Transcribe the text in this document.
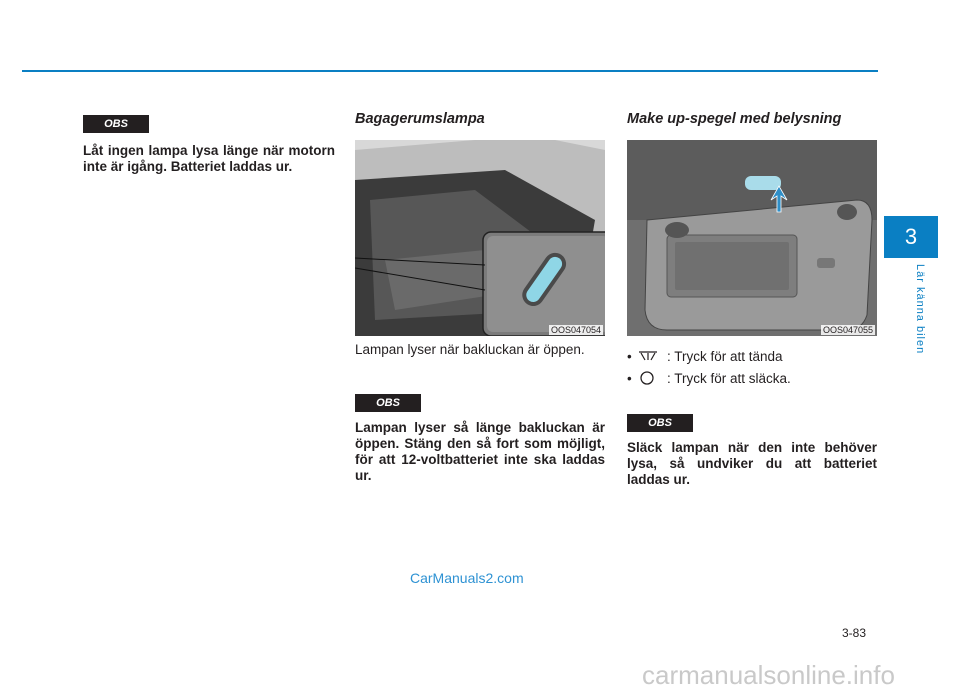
3
Lär känna bilen
OBS
Låt ingen lampa lysa länge när motorn inte är igång. Batteriet laddas ur.
Bagagerumslampa
OOS047054
Lampan lyser när bakluckan är öppen.
OBS
Lampan lyser så länge bakluckan är öppen. Stäng den så fort som möjligt, för att 12-voltbatteriet inte ska laddas ur.
Make up-spegel med belysning
OOS047055
•	: Tryck för att tända
•	: Tryck för att släcka.
OBS
Släck lampan när den inte behöver lysa, så undviker du att batteriet laddas ur.
CarManuals2.com
3-83
carmanualsonline.info
